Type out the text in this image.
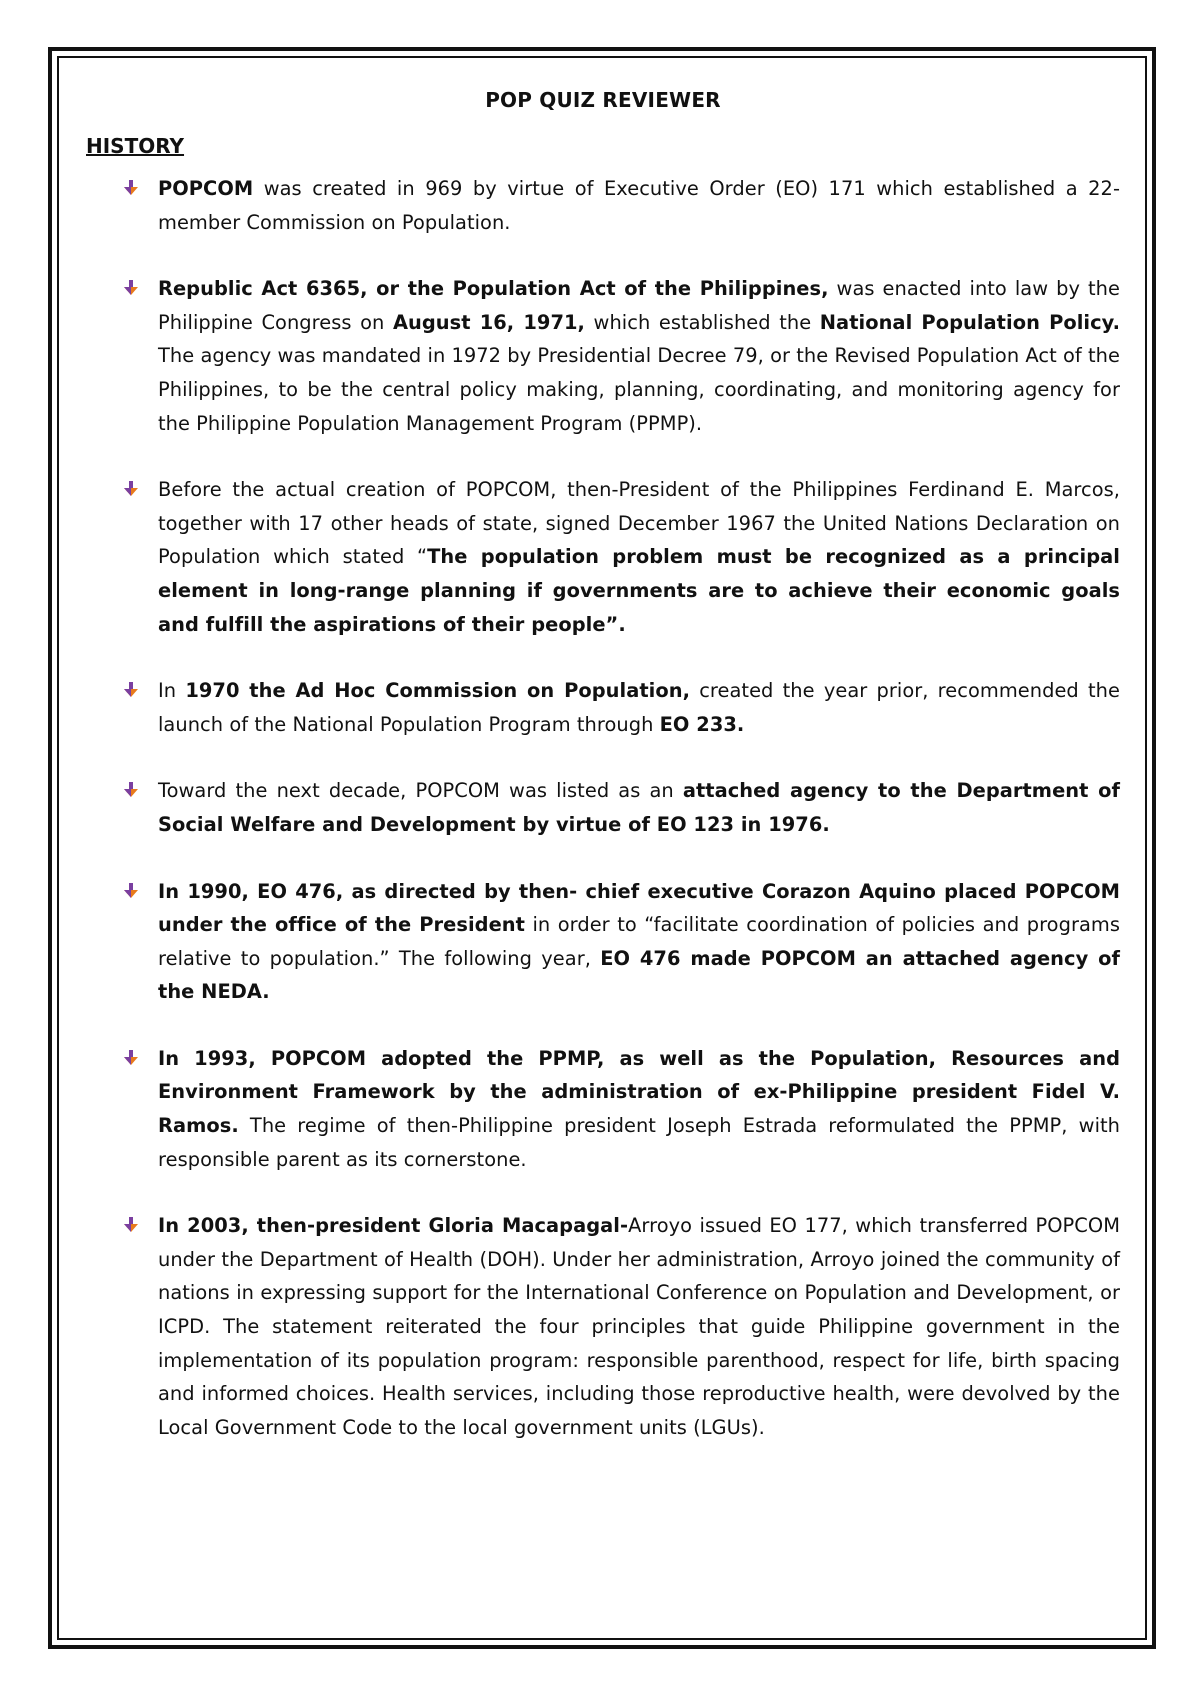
POP QUIZ REVIEWER
HISTORY

POPCOM was created in 969 by virtue of Executive Order (EO) 171 which established a 22-member Commission on Population.

Republic Act 6365, or the Population Act of the Philippines, was enacted into law by the Philippine Congress on August 16, 1971, which established the National Population Policy. The agency was mandated in 1972 by Presidential Decree 79, or the Revised Population Act of the Philippines, to be the central policy making, planning, coordinating, and monitoring agency for the Philippine Population Management Program (PPMP).

Before the actual creation of POPCOM, then-President of the Philippines Ferdinand E. Marcos, together with 17 other heads of state, signed December 1967 the United Nations Declaration on Population which stated “The population problem must be recognized as a principal element in long-range planning if governments are to achieve their economic goals and fulfill the aspirations of their people”.

In 1970 the Ad Hoc Commission on Population, created the year prior, recommended the launch of the National Population Program through EO 233.

Toward the next decade, POPCOM was listed as an attached agency to the Department of Social Welfare and Development by virtue of EO 123 in 1976.

In 1990, EO 476, as directed by then- chief executive Corazon Aquino placed POPCOM under the office of the President in order to “facilitate coordination of policies and programs relative to population.” The following year, EO 476 made POPCOM an attached agency of the NEDA.

In 1993, POPCOM adopted the PPMP, as well as the Population, Resources and Environment Framework by the administration of ex-Philippine president Fidel V. Ramos. The regime of then-Philippine president Joseph Estrada reformulated the PPMP, with responsible parent as its cornerstone.

In 2003, then-president Gloria Macapagal-Arroyo issued EO 177, which transferred POPCOM under the Department of Health (DOH). Under her administration, Arroyo joined the community of nations in expressing support for the International Conference on Population and Development, or ICPD. The statement reiterated the four principles that guide Philippine government in the implementation of its population program: responsible parenthood, respect for life, birth spacing and informed choices. Health services, including those reproductive health, were devolved by the Local Government Code to the local government units (LGUs).
